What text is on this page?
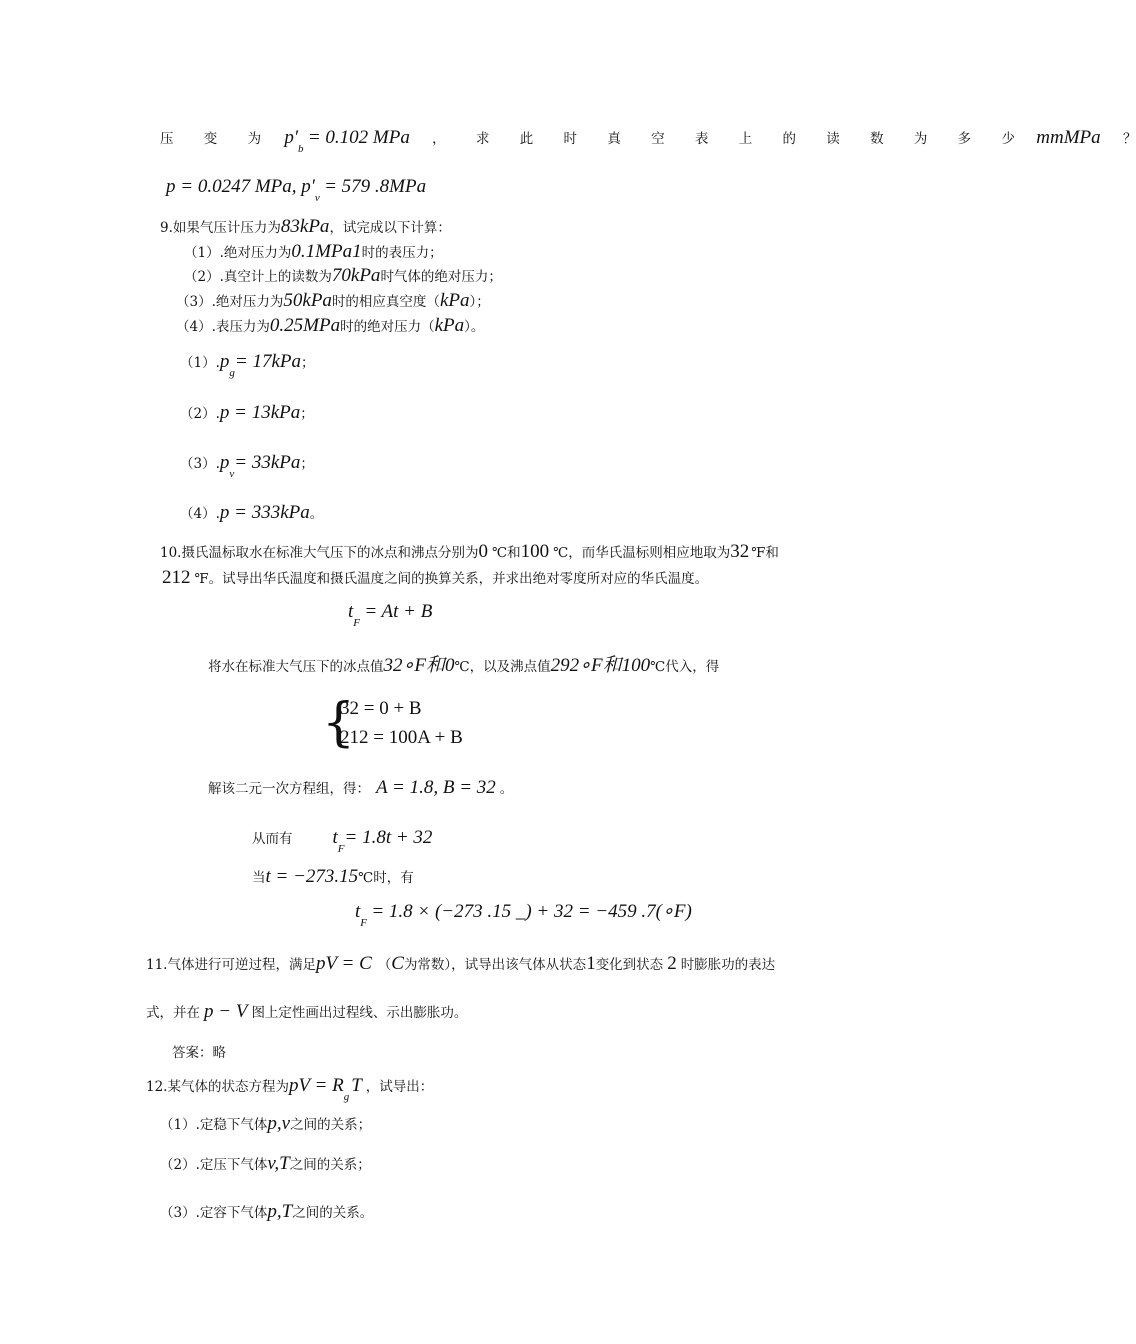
压 变 为 $p'_b = 0.102$ MPa ， 求 此 时 真 空 表 上 的 读 数 为 多 少 mmMPa ？
p = 0.0247 MPa, $p'_v = 579$ .8MPa
9.如果气压计压力为83kPa，试完成以下计算：
（1）.绝对压力为0.1MPa1时的表压力；
（2）.真空计上的读数为70kPa时气体的绝对压力；
（3）.绝对压力为50kPa时的相应真空度（kPa）；
（4）.表压力为0.25MPa时的绝对压力（kPa）。
$(1).p_g= 17kPa$；
（2）.p = 13kPa；
$(3).p_v= 33kPa$；
（4）.p = 333kPa。
10.摄氏温标取水在标准大气压下的冰点和沸点分别为0 ℃和100 ℃，而华氏温标则相应地取为32 ℉和
212 ℉。试导出华氏温度和摄氏温度之间的换算关系，并求出绝对零度所对应的华氏温度。
$t_F = At + B$
将水在标准大气压下的冰点值32∘F和0℃，以及沸点值292∘F和100℃代入，得
{
32 = 0 + B
212 = 100A + B
解该二元一次方程组，得： A = 1.8, B = 32 。
从而有 $t_F= 1.8t + 32$
当t = −273.15℃时，有
$t_F = 1.8 \times (-273$ .15 _) + 32 = −459 .7(∘F)
11.气体进行可逆过程，满足pV = C （C为常数），试导出该气体从状态1变化到状态 2 时膨胀功的表达
式，并在 p − V 图上定性画出过程线、示出膨胀功。
答案：略
12.某气体的状态方程为pV = $R_gT$ ，试导出：
（1）.定稳下气体p,v之间的关系；
（2）.定压下气体v,T之间的关系；
（3）.定容下气体p,T之间的关系。
